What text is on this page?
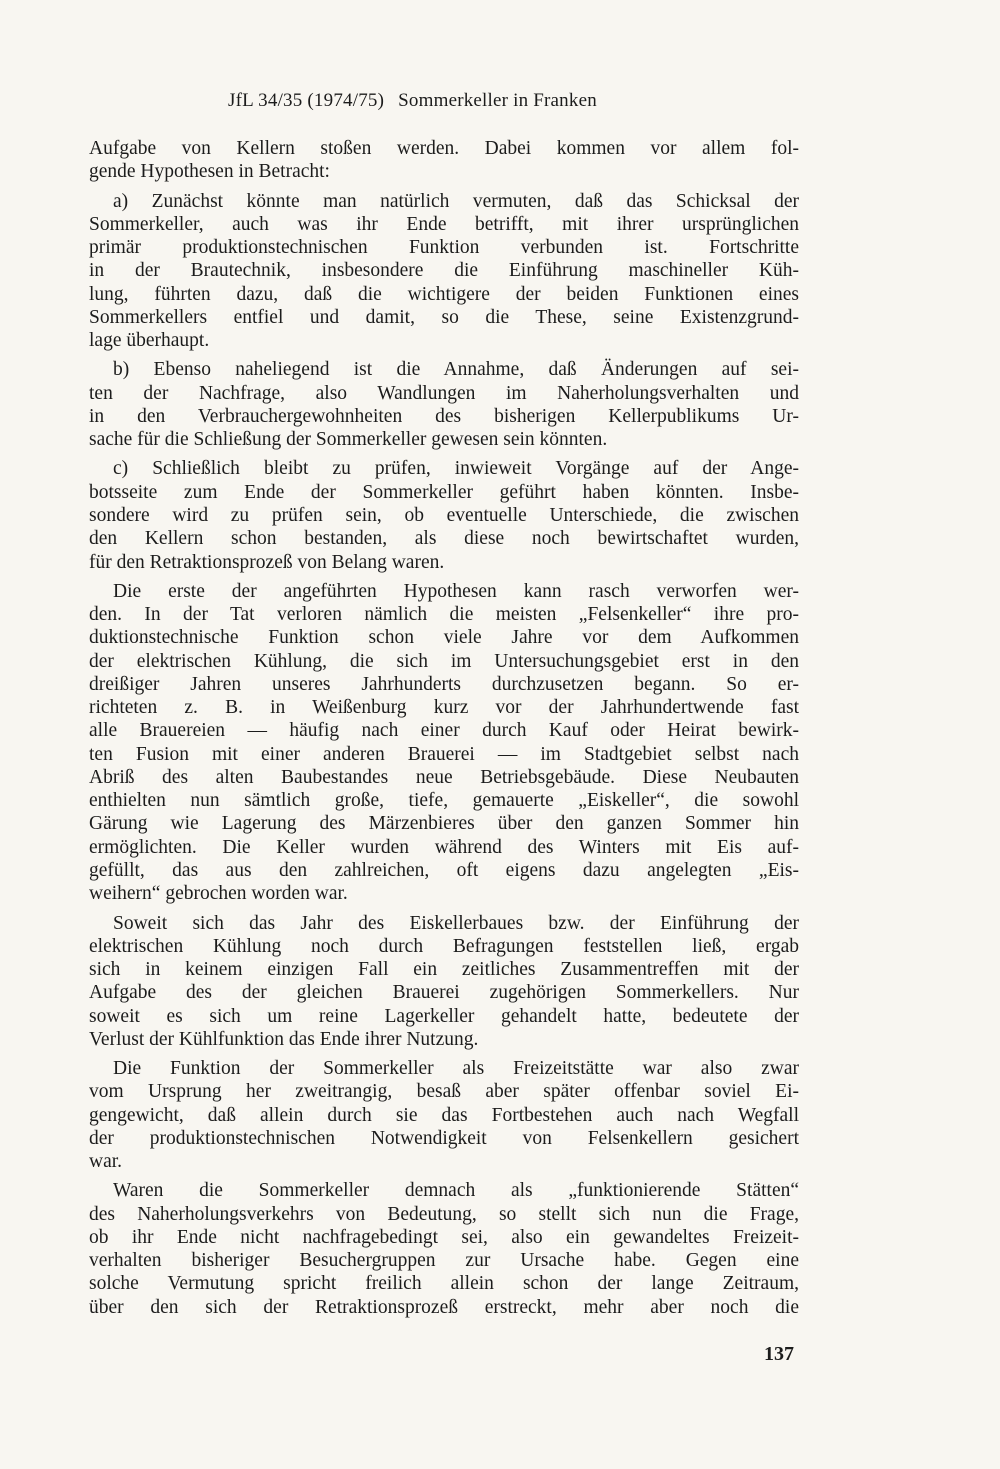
JfL 34/35 (1974/75) Sommerkeller in Franken
Aufgabe von Kellern stoßen werden. Dabei kommen vor allem fol-
gende Hypothesen in Betracht:
a) Zunächst könnte man natürlich vermuten, daß das Schicksal der
Sommerkeller, auch was ihr Ende betrifft, mit ihrer ursprünglichen
primär produktionstechnischen Funktion verbunden ist. Fortschritte
in der Brautechnik, insbesondere die Einführung maschineller Küh-
lung, führten dazu, daß die wichtigere der beiden Funktionen eines
Sommerkellers entfiel und damit, so die These, seine Existenzgrund-
lage überhaupt.
b) Ebenso naheliegend ist die Annahme, daß Änderungen auf sei-
ten der Nachfrage, also Wandlungen im Naherholungsverhalten und
in den Verbrauchergewohnheiten des bisherigen Kellerpublikums Ur-
sache für die Schließung der Sommerkeller gewesen sein könnten.
c) Schließlich bleibt zu prüfen, inwieweit Vorgänge auf der Ange-
botsseite zum Ende der Sommerkeller geführt haben könnten. Insbe-
sondere wird zu prüfen sein, ob eventuelle Unterschiede, die zwischen
den Kellern schon bestanden, als diese noch bewirtschaftet wurden,
für den Retraktionsprozeß von Belang waren.
Die erste der angeführten Hypothesen kann rasch verworfen wer-
den. In der Tat verloren nämlich die meisten „Felsenkeller“ ihre pro-
duktionstechnische Funktion schon viele Jahre vor dem Aufkommen
der elektrischen Kühlung, die sich im Untersuchungsgebiet erst in den
dreißiger Jahren unseres Jahrhunderts durchzusetzen begann. So er-
richteten z. B. in Weißenburg kurz vor der Jahrhundertwende fast
alle Brauereien — häufig nach einer durch Kauf oder Heirat bewirk-
ten Fusion mit einer anderen Brauerei — im Stadtgebiet selbst nach
Abriß des alten Baubestandes neue Betriebsgebäude. Diese Neubauten
enthielten nun sämtlich große, tiefe, gemauerte „Eiskeller“, die sowohl
Gärung wie Lagerung des Märzenbieres über den ganzen Sommer hin
ermöglichten. Die Keller wurden während des Winters mit Eis auf-
gefüllt, das aus den zahlreichen, oft eigens dazu angelegten „Eis-
weihern“ gebrochen worden war.
Soweit sich das Jahr des Eiskellerbaues bzw. der Einführung der
elektrischen Kühlung noch durch Befragungen feststellen ließ, ergab
sich in keinem einzigen Fall ein zeitliches Zusammentreffen mit der
Aufgabe des der gleichen Brauerei zugehörigen Sommerkellers. Nur
soweit es sich um reine Lagerkeller gehandelt hatte, bedeutete der
Verlust der Kühlfunktion das Ende ihrer Nutzung.
Die Funktion der Sommerkeller als Freizeitstätte war also zwar
vom Ursprung her zweitrangig, besaß aber später offenbar soviel Ei-
gengewicht, daß allein durch sie das Fortbestehen auch nach Wegfall
der produktionstechnischen Notwendigkeit von Felsenkellern gesichert
war.
Waren die Sommerkeller demnach als „funktionierende Stätten“
des Naherholungsverkehrs von Bedeutung, so stellt sich nun die Frage,
ob ihr Ende nicht nachfragebedingt sei, also ein gewandeltes Freizeit-
verhalten bisheriger Besuchergruppen zur Ursache habe. Gegen eine
solche Vermutung spricht freilich allein schon der lange Zeitraum,
über den sich der Retraktionsprozeß erstreckt, mehr aber noch die
137
